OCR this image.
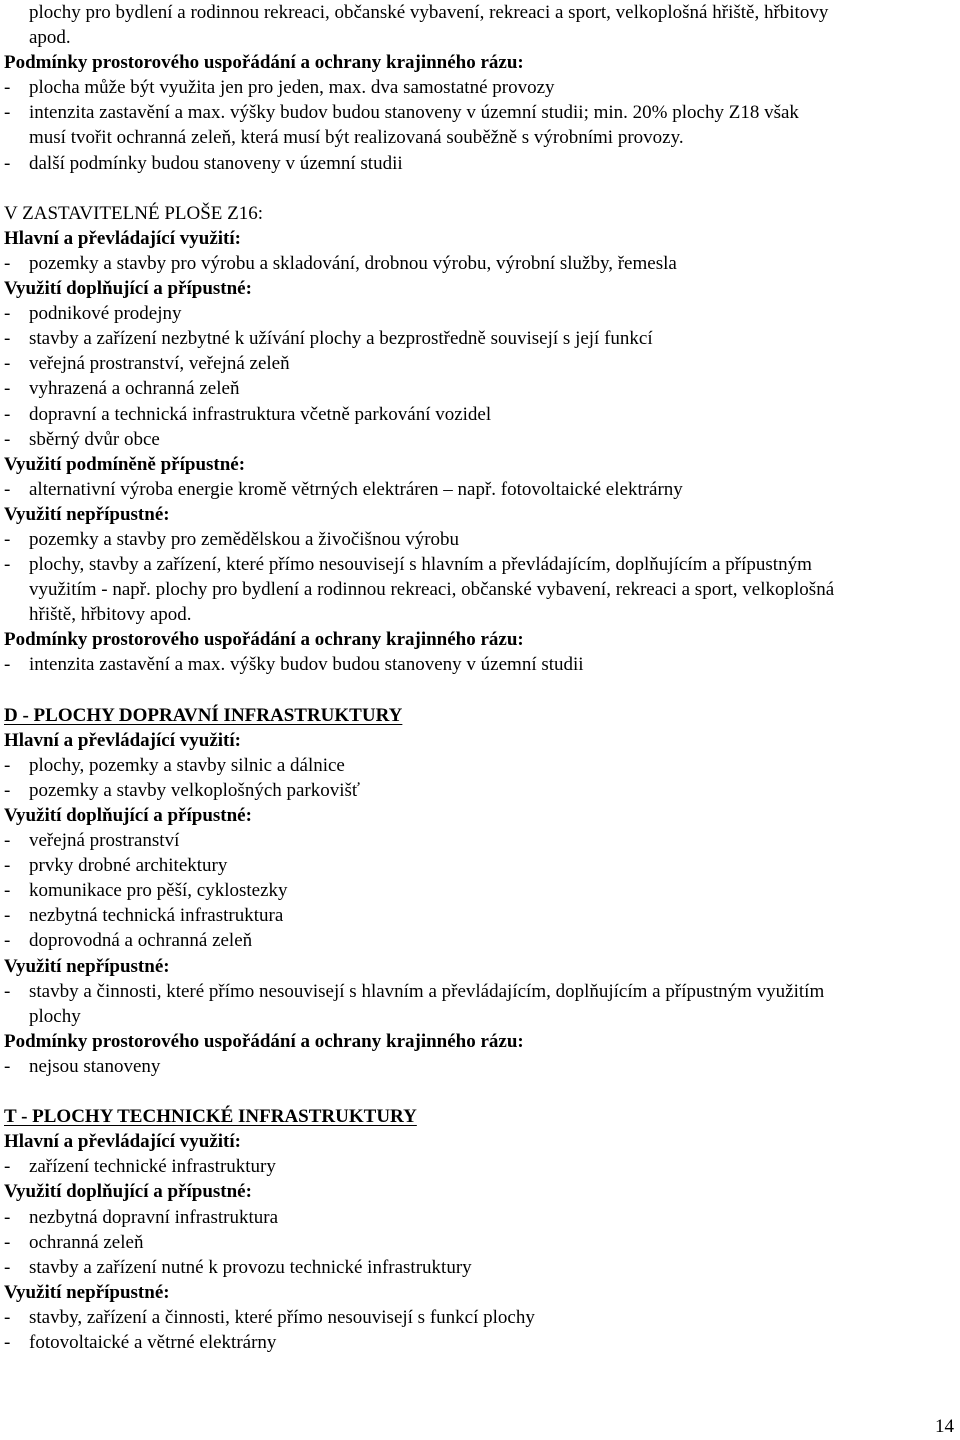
plochy pro bydlení a rodinnou rekreaci, občanské vybavení, rekreaci a sport, velkoplošná hřiště, hřbitovy
apod.
Podmínky prostorového uspořádání a ochrany krajinného rázu:
- plocha může být využita jen pro jeden, max. dva samostatné provozy
- intenzita zastavění a max. výšky budov budou stanoveny v územní studii; min. 20% plochy Z18 však
musí tvořit ochranná zeleň, která musí být realizovaná souběžně s výrobními provozy.
- další podmínky budou stanoveny v územní studii
V ZASTAVITELNÉ PLOŠE Z16:
Hlavní a převládající využití:
- pozemky a stavby pro výrobu a skladování, drobnou výrobu, výrobní služby, řemesla
Využití doplňující a přípustné:
- podnikové prodejny
- stavby a zařízení nezbytné k užívání plochy a bezprostředně souvisejí s její funkcí
- veřejná prostranství, veřejná zeleň
- vyhrazená a ochranná zeleň
- dopravní a technická infrastruktura včetně parkování vozidel
- sběrný dvůr obce
Využití podmíněně přípustné:
- alternativní výroba energie kromě větrných elektráren – např. fotovoltaické elektrárny
Využití nepřípustné:
- pozemky a stavby pro zemědělskou a živočišnou výrobu
- plochy, stavby a zařízení, které přímo nesouvisejí s hlavním a převládajícím, doplňujícím a přípustným
využitím - např. plochy pro bydlení a rodinnou rekreaci, občanské vybavení, rekreaci a sport, velkoplošná
hřiště, hřbitovy apod.
Podmínky prostorového uspořádání a ochrany krajinného rázu:
- intenzita zastavění a max. výšky budov budou stanoveny v územní studii
D - PLOCHY DOPRAVNÍ INFRASTRUKTURY
Hlavní a převládající využití:
- plochy, pozemky a stavby silnic a dálnice
- pozemky a stavby velkoplošných parkovišť
Využití doplňující a přípustné:
- veřejná prostranství
- prvky drobné architektury
- komunikace pro pěší, cyklostezky
- nezbytná technická infrastruktura
- doprovodná a ochranná zeleň
Využití nepřípustné:
- stavby a činnosti, které přímo nesouvisejí s hlavním a převládajícím, doplňujícím a přípustným využitím
plochy
Podmínky prostorového uspořádání a ochrany krajinného rázu:
- nejsou stanoveny
T - PLOCHY TECHNICKÉ INFRASTRUKTURY
Hlavní a převládající využití:
- zařízení technické infrastruktury
Využití doplňující a přípustné:
- nezbytná dopravní infrastruktura
- ochranná zeleň
- stavby a zařízení nutné k provozu technické infrastruktury
Využití nepřípustné:
- stavby, zařízení a činnosti, které přímo nesouvisejí s funkcí plochy
- fotovoltaické a větrné elektrárny
14
